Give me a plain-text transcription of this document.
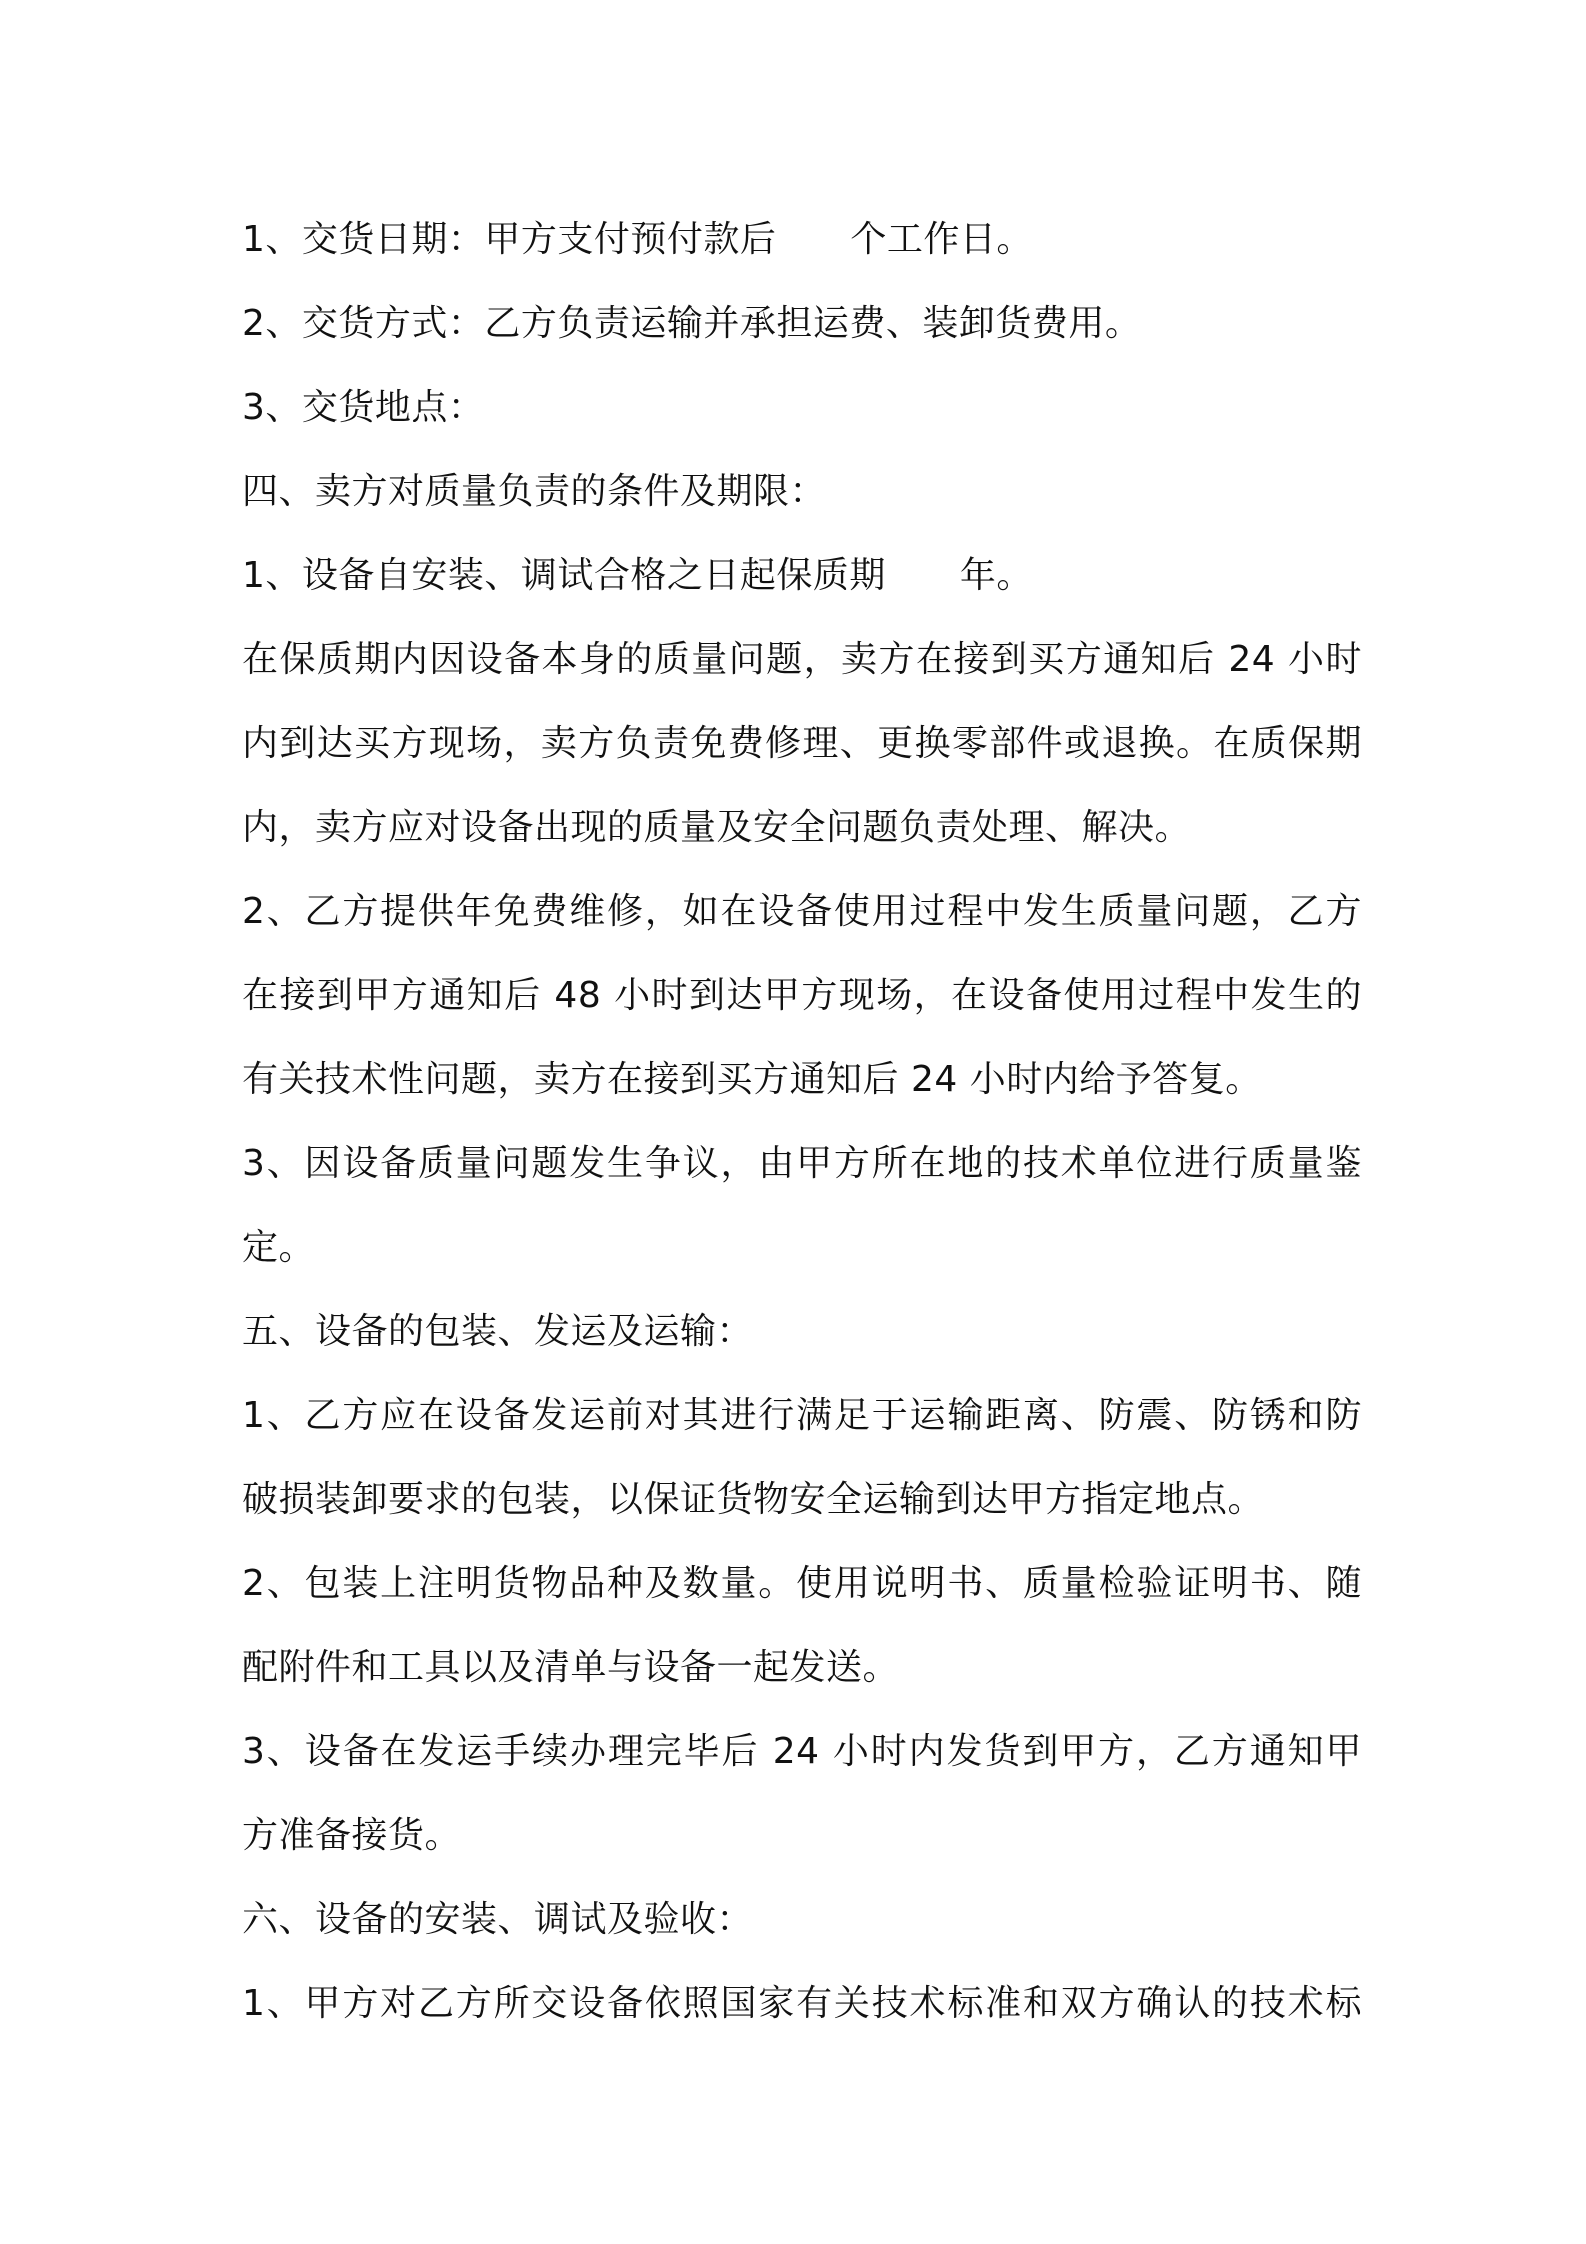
1、交货日期：甲方支付预付款后 个工作日。
2、交货方式：乙方负责运输并承担运费、装卸货费用。
3、交货地点：
四、卖方对质量负责的条件及期限：
1、设备自安装、调试合格之日起保质期 年。
在保质期内因设备本身的质量问题，卖方在接到买方通知后 24 小时
内到达买方现场，卖方负责免费修理、更换零部件或退换。在质保期
内，卖方应对设备出现的质量及安全问题负责处理、解决。
2、乙方提供年免费维修，如在设备使用过程中发生质量问题，乙方
在接到甲方通知后 48 小时到达甲方现场，在设备使用过程中发生的
有关技术性问题，卖方在接到买方通知后 24 小时内给予答复。
3、因设备质量问题发生争议，由甲方所在地的技术单位进行质量鉴
定。
五、设备的包装、发运及运输：
1、乙方应在设备发运前对其进行满足于运输距离、防震、防锈和防
破损装卸要求的包装，以保证货物安全运输到达甲方指定地点。
2、包装上注明货物品种及数量。使用说明书、质量检验证明书、随
配附件和工具以及清单与设备一起发送。
3、设备在发运手续办理完毕后 24 小时内发货到甲方，乙方通知甲
方准备接货。
六、设备的安装、调试及验收：
1、甲方对乙方所交设备依照国家有关技术标准和双方确认的技术标
